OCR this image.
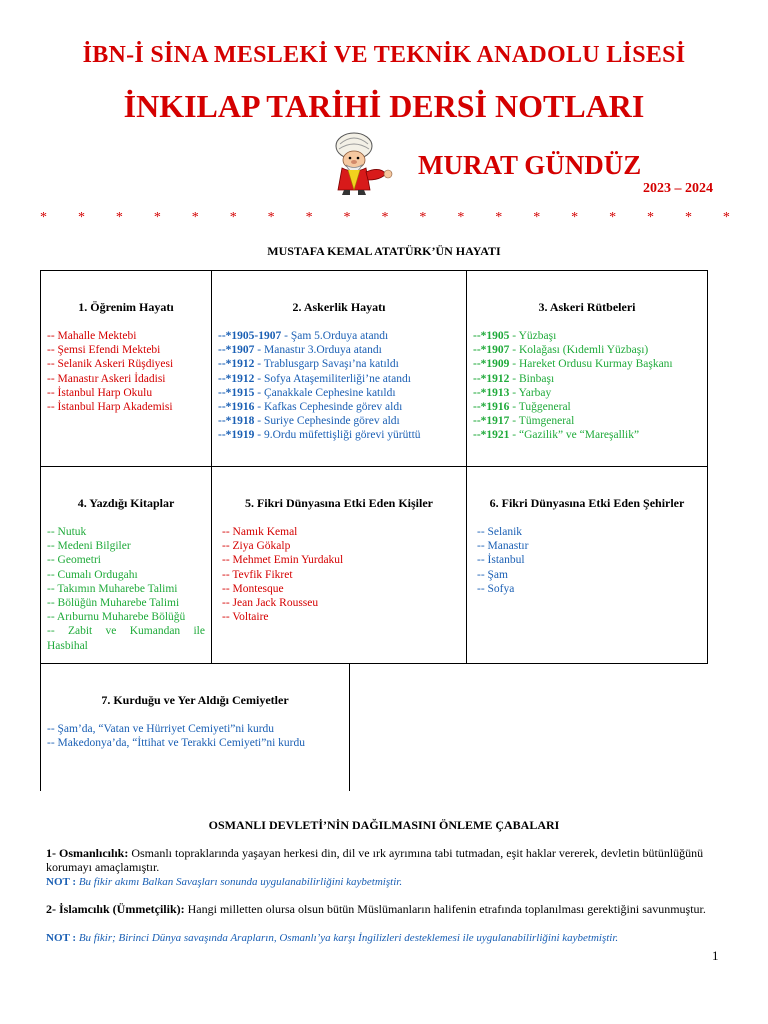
İBN-İ SİNA MESLEKİ VE TEKNİK ANADOLU LİSESİ
İNKILAP TARİHİ DERSİ NOTLARI
MURAT GÜNDÜZ
2023 – 2024
* * * * * * * * * * * * * * * * * * *
MUSTAFA KEMAL ATATÜRK’ÜN HAYATI
1. Öğrenim Hayatı
-- Mahalle Mektebi
-- Şemsi Efendi Mektebi
-- Selanik Askeri Rüşdiyesi
-- Manastır Askeri İdadisi
-- İstanbul Harp Okulu
-- İstanbul Harp Akademisi
2. Askerlik Hayatı
--*1905-1907 - Şam 5.Orduya atandı
--*1907 - Manastır 3.Orduya atandı
--*1912 - Trablusgarp Savaşı’na katıldı
--*1912 - Sofya Ataşemiliterliği’ne atandı
--*1915 - Çanakkale Cephesine katıldı
--*1916 - Kafkas Cephesinde görev aldı
--*1918 - Suriye Cephesinde görev aldı
--*1919 - 9.Ordu müfettişliği görevi yürüttü
3. Askeri Rütbeleri
--*1905 - Yüzbaşı
--*1907 - Kolağası (Kıdemli Yüzbaşı)
--*1909 - Hareket Ordusu Kurmay Başkanı
--*1912 - Binbaşı
--*1913 - Yarbay
--*1916 - Tuğgeneral
--*1917 - Tümgeneral
--*1921 - “Gazilik” ve “Mareşallik”
4. Yazdığı Kitaplar
-- Nutuk
-- Medeni Bilgiler
-- Geometri
-- Cumalı Ordugahı
-- Takımın Muharebe Talimi
-- Bölüğün Muharebe Talimi
-- Arıburnu Muharebe Bölüğü
-- Zabit ve Kumandan ile Hasbihal
5. Fikri Dünyasına Etki Eden Kişiler
-- Namık Kemal
-- Ziya Gökalp
-- Mehmet Emin Yurdakul
-- Tevfik Fikret
-- Montesque
-- Jean Jack Rousseu
-- Voltaire
6. Fikri Dünyasına Etki Eden Şehirler
-- Selanik
-- Manastır
-- İstanbul
-- Şam
-- Sofya
7. Kurduğu ve Yer Aldığı Cemiyetler
-- Şam’da, “Vatan ve Hürriyet Cemiyeti”ni kurdu
-- Makedonya’da, “İttihat ve Terakki Cemiyeti”ni kurdu
OSMANLI DEVLETİ’NİN DAĞILMASINI ÖNLEME ÇABALARI
1- Osmanlıcılık: Osmanlı topraklarında yaşayan herkesi din, dil ve ırk ayrımına tabi tutmadan, eşit haklar vererek, devletin bütünlüğünü korumayı amaçlamıştır.
NOT : Bu fikir akımı Balkan Savaşları sonunda uygulanabilirliğini kaybetmiştir.
2- İslamcılık (Ümmetçilik): Hangi milletten olursa olsun bütün Müslümanların halifenin etrafında toplanılması gerektiğini savunmuştur.
NOT : Bu fikir; Birinci Dünya savaşında Arapların, Osmanlı’ya karşı İngilizleri desteklemesi ile uygulanabilirliğini kaybetmiştir.
1
